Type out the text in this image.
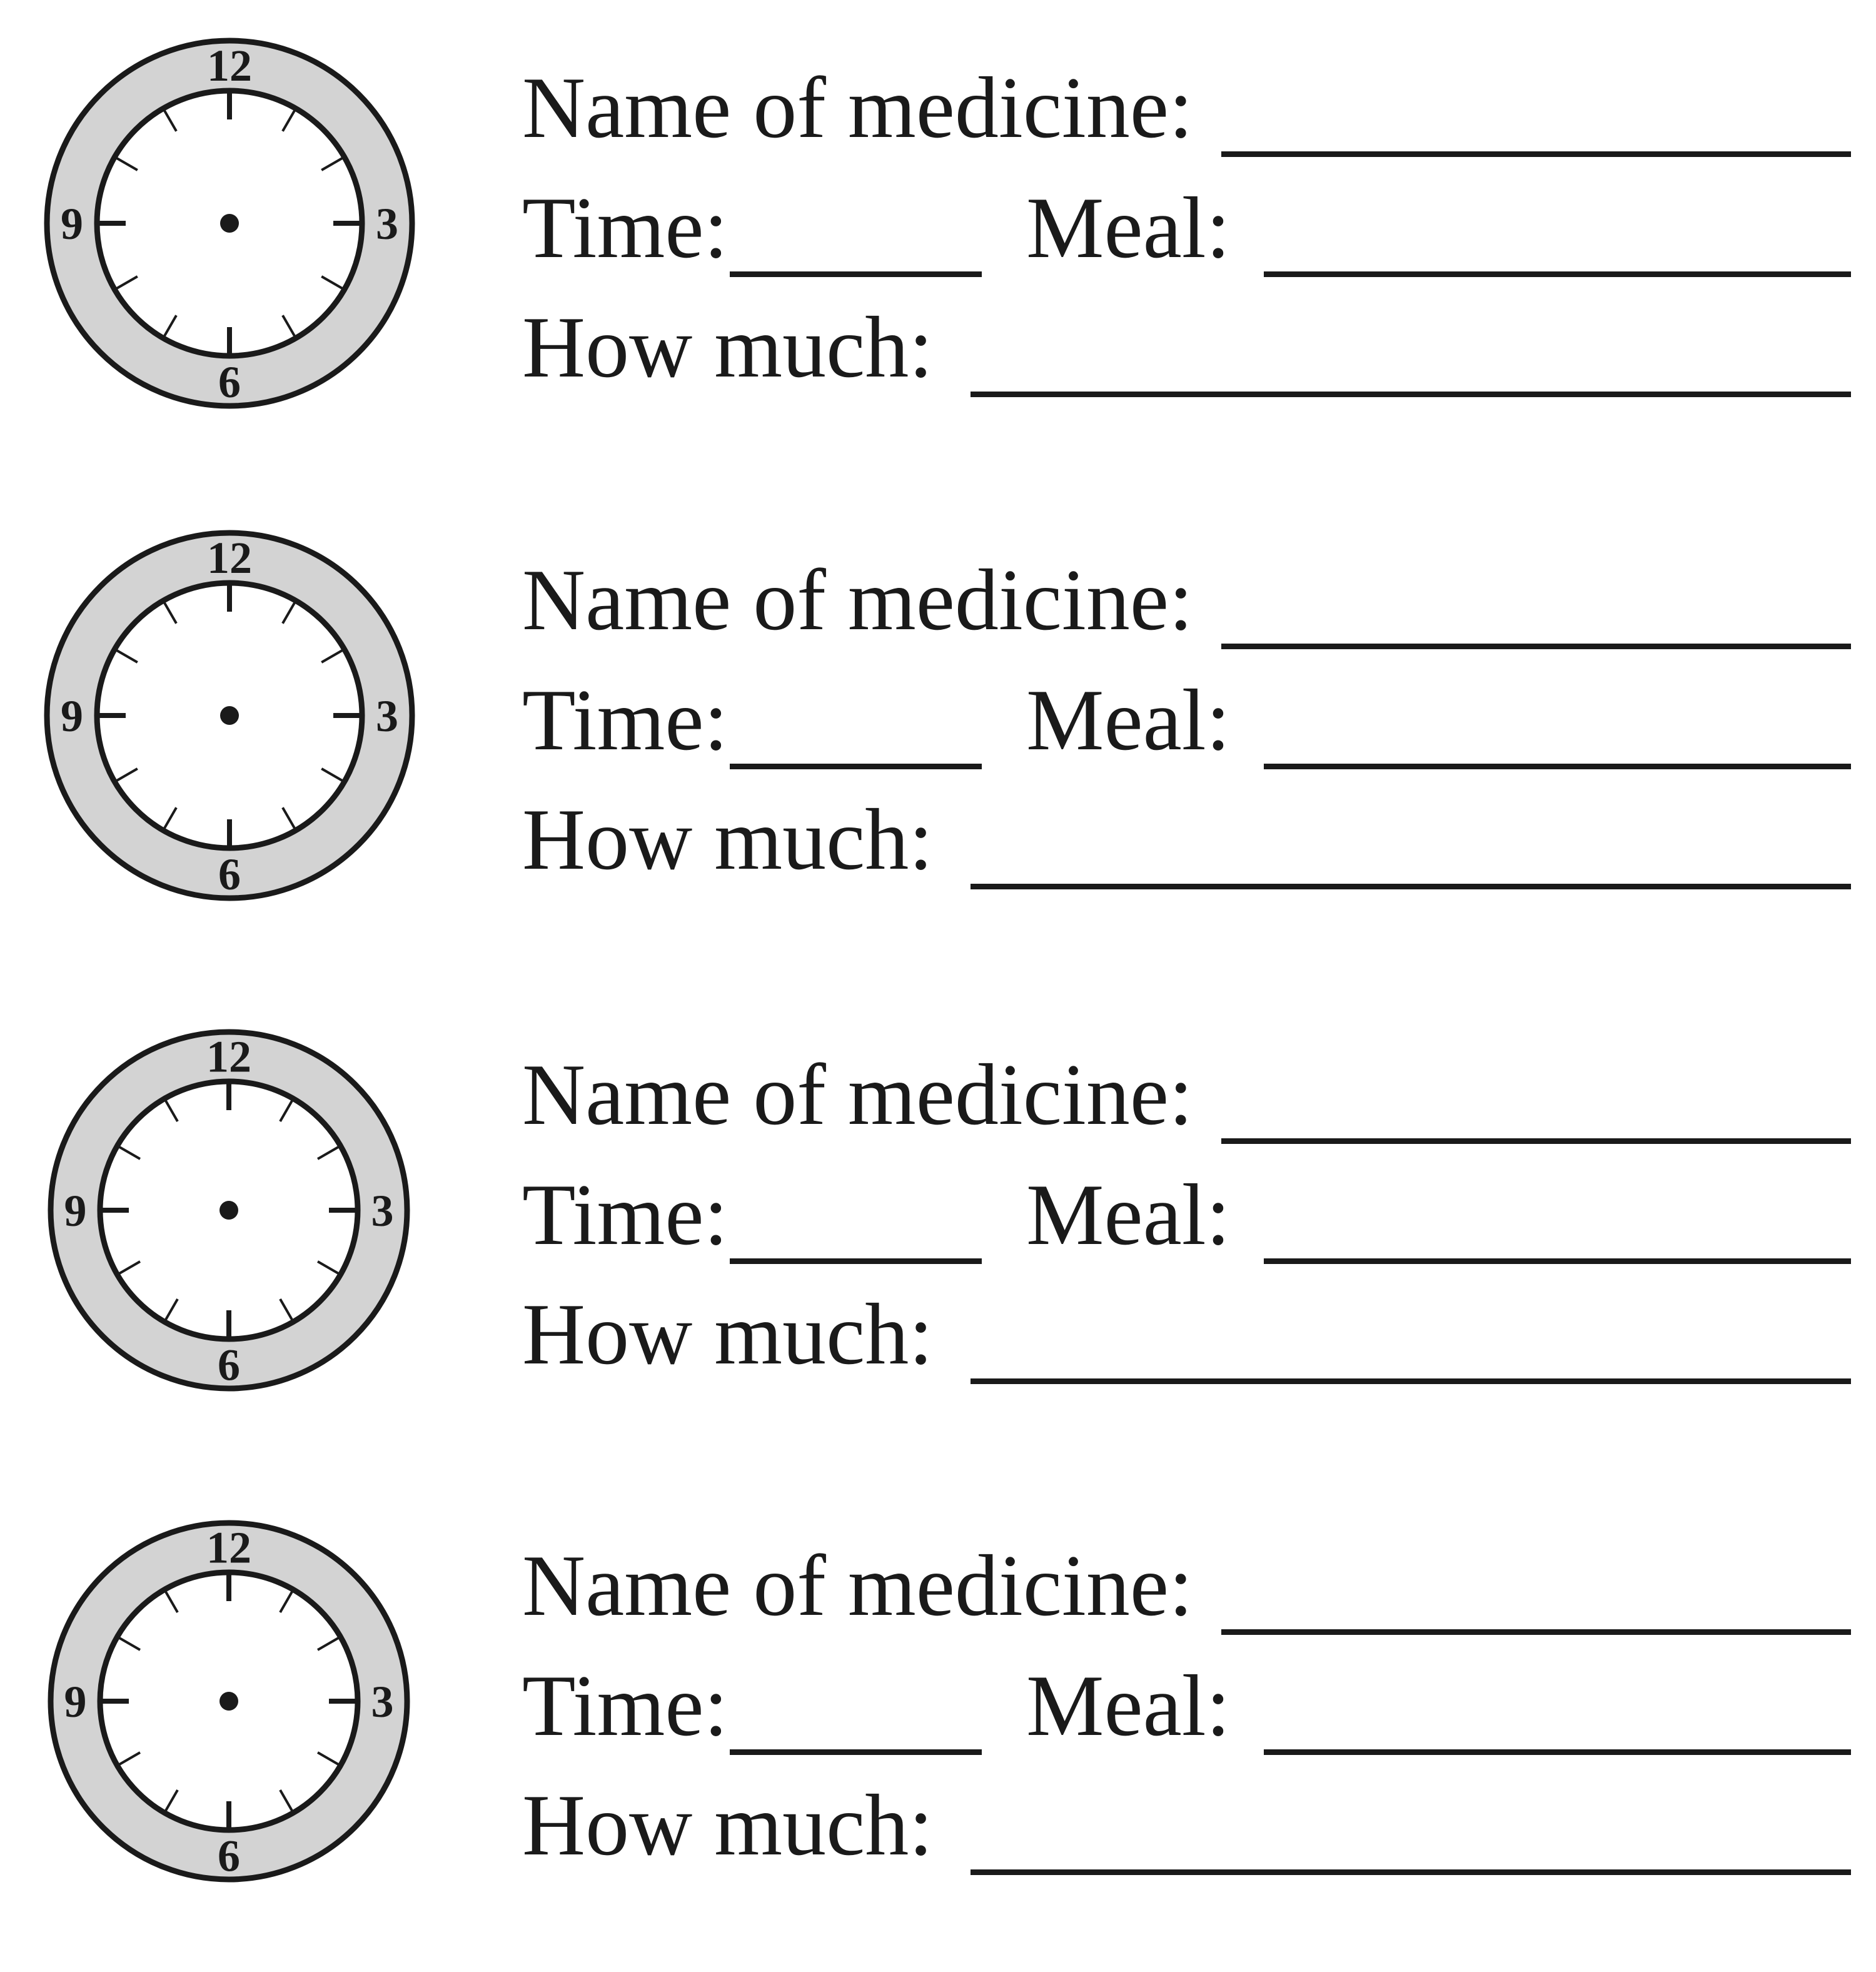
12
3
6
9
Name of medicine:
Time:	Meal:
How much:
12
3
6
9
Name of medicine:
Time:	Meal:
How much:
12
3
6
9
Name of medicine:
Time:	Meal:
How much:
12
3
6
9
Name of medicine:
Time:	Meal:
How much:
